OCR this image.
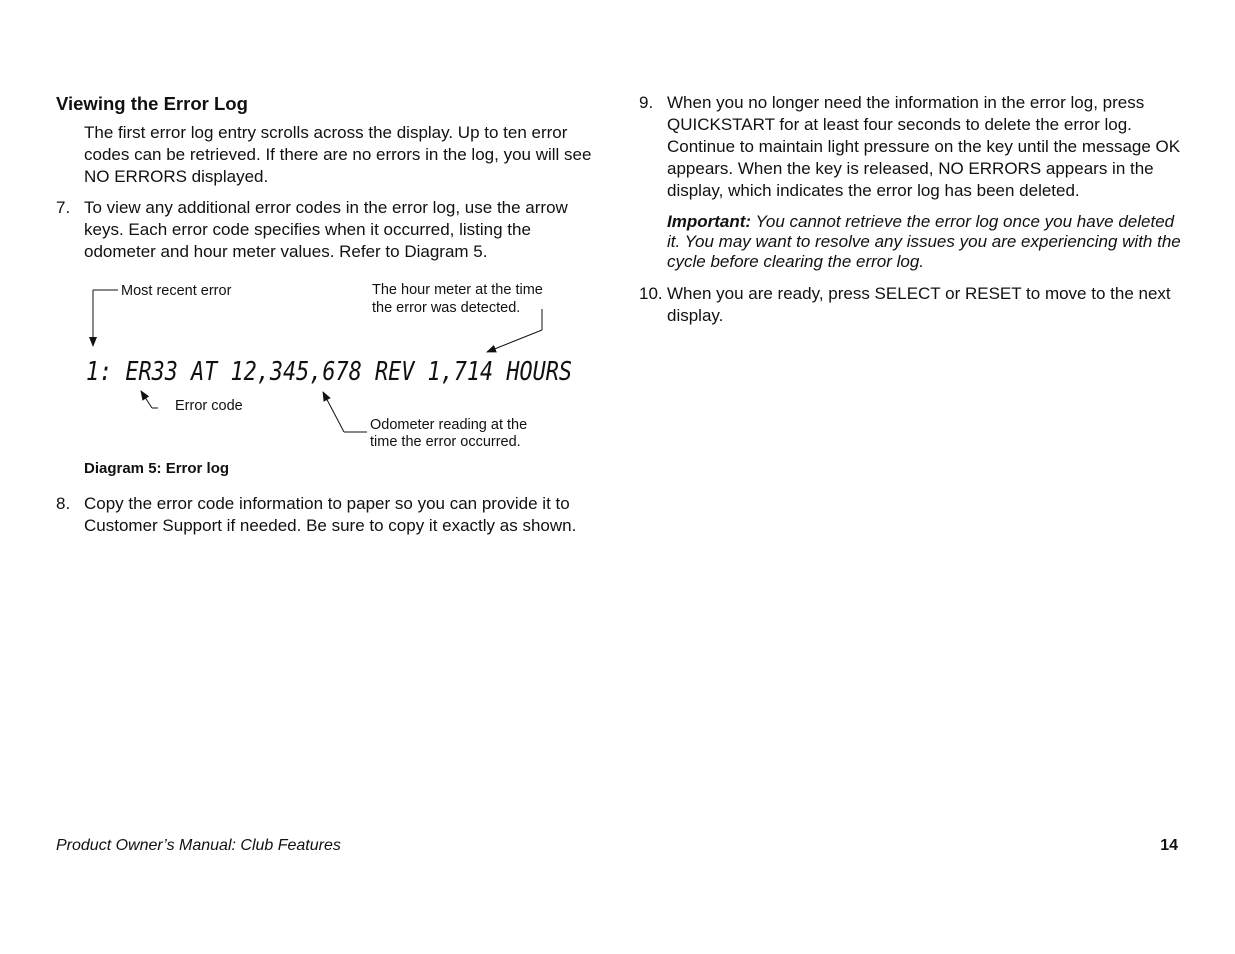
Viewing the Error Log

The first error log entry scrolls across the display. Up to ten error codes can be retrieved. If there are no errors in the log, you will see NO ERRORS displayed.

7. To view any additional error codes in the error log, use the arrow keys. Each error code specifies when it occurred, listing the odometer and hour meter values. Refer to Diagram 5.

Most recent error	The hour meter at the time
the error was detected.
1: ER33 AT 12,345,678 REV 1,714 HOURS
Error code
Odometer reading at the
time the error occurred.
Diagram 5: Error log
8. Copy the error code information to paper so you can provide it to Customer Support if needed. Be sure to copy it exactly as shown.

9. When you no longer need the information in the error log, press QUICKSTART for at least four seconds to delete the error log. Continue to maintain light pressure on the key until the message OK appears. When the key is released, NO ERRORS appears in the display, which indicates the error log has been deleted.

Important: You cannot retrieve the error log once you have deleted it. You may want to resolve any issues you are experiencing with the cycle before clearing the error log.

10. When you are ready, press SELECT or RESET to move to the next display.

Product Owner’s Manual: Club Features	14
